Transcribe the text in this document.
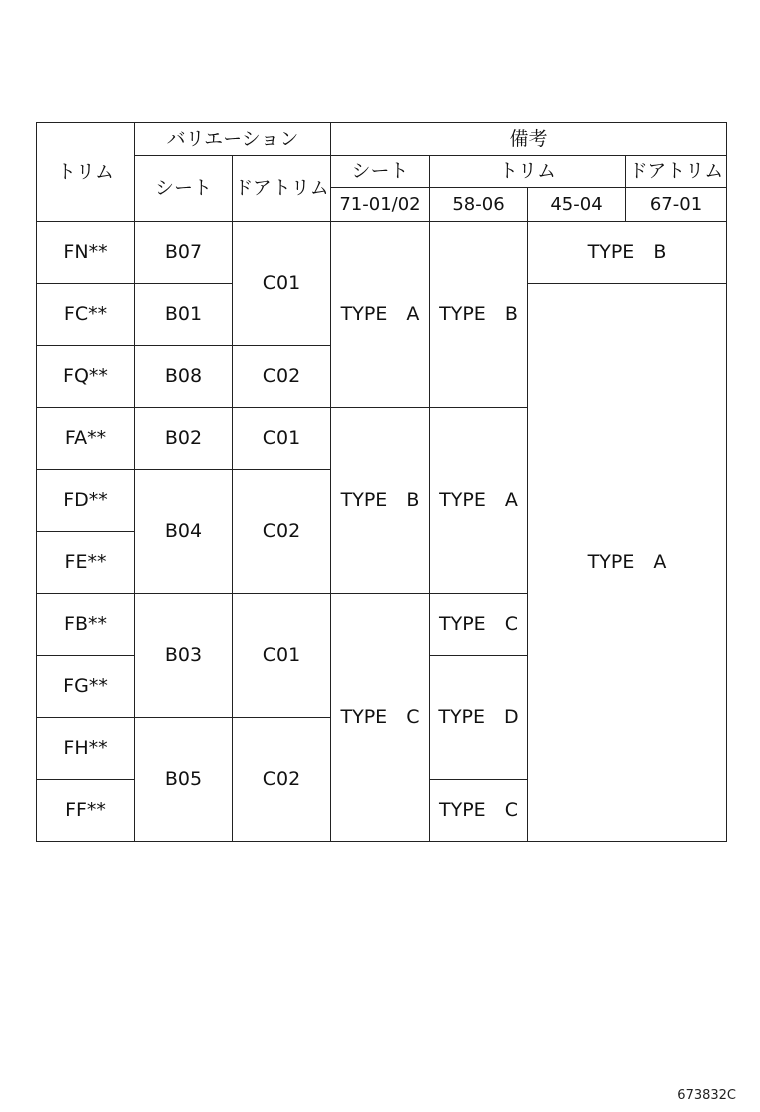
トリム	バリエーション		備考			
	シート	ドアトリム	シート	トリム		ドアトリム
			71-01/02	58-06	45-04	67-01
FN**	B07	C01	TYPE　A	TYPE　B	TYPE　B	
FC**	B01				TYPE　A	
FQ**	B08	C02				
FA**	B02	C01	TYPE　B	TYPE　A		
FD**	B04	C02				
FE**						
FB**	B03	C01	TYPE　C	TYPE　C		
FG**				TYPE　D		
FH**	B05	C02				
FF**				TYPE　C		
673832C
